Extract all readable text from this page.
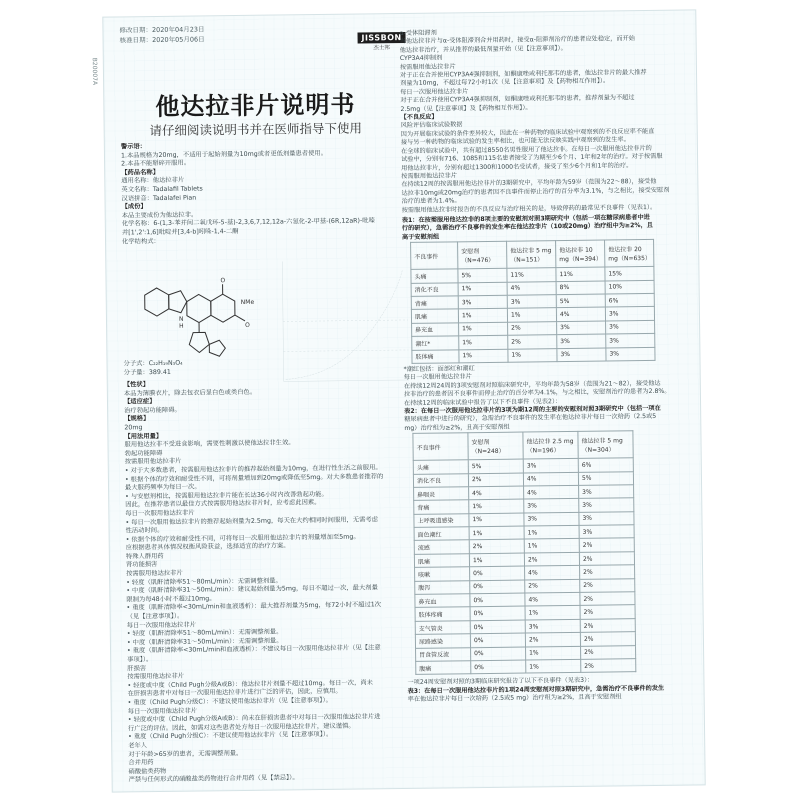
B20007A
修改日期：2020年04月23日
核准日期：2020年05月06日	JISSBON
杰士邦
他达拉非片说明书
请仔细阅读说明书并在医师指导下使用
警示语：
1.本品规格为20mg，不适用于起始剂量为10mg或者更低剂量患者使用。
2.本品不能掰碎开服用。
【药品名称】
通用名称：他达拉非片
英文名称：Tadalafil Tablets
汉语拼音：Tadalafei Pian
【成份】
本品主要成份为他达拉非。
化学名称：6-(1,3-苯并间二氧戊环-5-基)-2,3,6,7,12,12a-六氢化-2-甲基-(6R,12aR)-吡嗪
并[1',2':1,6]吡啶并[3,4-b]吲哚-1,4-二酮
化学结构式：
NMe
O
O
N
H
分子式：C₂₂H₁₉N₃O₄
分子量：389.41
【性状】
本品为薄膜衣片，除去包衣后显白色或类白色。
【适应症】
治疗勃起功能障碍。
【规格】
20mg
【用法用量】
服用他达拉非不受进食影响，需要性刺激以使他达拉非生效。
勃起功能障碍
按需服用他达拉非片
• 对于大多数患者，按需服用他达拉非片的推荐起始剂量为10mg，在进行性生活之前服用。
• 根据个体的疗效和耐受性不同，可将剂量增加到20mg或降低至5mg。对大多数患者推荐的
最大服药频率为每日一次。
• 与安慰剂相比，按需服用他达拉非片能在长达36小时内改善勃起功能。
因此，在推荐患者以最佳方式按需服用他达拉非片时，应考虑此因素。
每日一次服用他达拉非片
• 每日一次服用他达拉非片的推荐起始剂量为2.5mg，每天在大约相同时间服用，无需考虑
性活动时间。
• 依据个体的疗效和耐受性不同，可将每日一次服用他达拉非片的剂量增加至5mg。
应根据患者具体情况权衡风险获益，选择适宜的治疗方案。
特殊人群用药
肾功能损害
按需服用他达拉非片
• 轻度（肌酐清除率51～80mL/min）：无需调整剂量。
• 中度（肌酐清除率31～50mL/min）：建议起始剂量为5mg，每日不超过一次，最大剂量
限制为每48小时不超过10mg。
• 重度（肌酐清除率<30mL/min和血液透析）：最大推荐剂量为5mg，每72小时不超过1次
（见【注意事项】）。
每日一次服用他达拉非片
• 轻度（肌酐清除率51～80mL/min）：无需调整剂量。
• 中度（肌酐清除率31～50mL/min）：无需调整剂量。
• 重度（肌酐清除率<30mL/min和血液透析）：不建议每日一次服用他达拉非片（见【注意
事项】）。
肝损害
按需服用他达拉非片
• 轻度或中度（Child Pugh分级A或B）：他达拉非片剂量不超过10mg。每日一次，尚未
在肝损害患者中对每日一次服用他达拉非片进行广泛的评估，因此，应慎用。
• 重度（Child Pugh分级C）：不建议使用他达拉非片（见【注意事项】）。
每日一次服用他达拉非片
• 轻度或中度（Child Pugh分级A或B）：尚未在肝损害患者中对每日一次服用他达拉非片进
行广泛的评估。因此，如需对这些患者处方每日一次服用他达拉非片，建议谨慎。
• 重度（Child Pugh分级C）：不建议使用他达拉非片（见【注意事项】）。
老年人
对于年龄>65岁的患者，无需调整剂量。
合并用药
硝酸盐类药物
严禁与任何形式的硝酸盐类药物进行合并用药（见【禁忌】）。
α-受体阻滞剂
当他达拉非片与α-受体阻滞剂合并用药时，接受α-阻滞剂治疗的患者应处稳定，而开始
他达拉非治疗，并从推荐的最低剂量开始（见【注意事项】）。
CYP3A4抑制剂
按需服用他达拉非片
对于正在合并使用CYP3A4强抑制剂，如酮康唑或利托那韦的患者，他达拉非片的最大推荐
剂量为10mg，不超过每72小时1次（见【注意事项】及【药物相互作用】）。
每日一次服用他达拉非片
对于正在合并使用CYP3A4强抑制剂，如酮康唑或利托那韦的患者，推荐剂量为不超过
2.5mg（见【注意事项】及【药物相互作用】）。
【不良反应】
风险评估临床试验数据
因为开展临床试验的条件差异较大，因此在一种药物的临床试验中观察到的不良反应率不能直
接与另一种药物的临床试验的发生率相比，也可能无法反映实践中观察到的发生率。
在全球的临床试验中，共有超过8550名男性服用了他达拉非。在每日一次服用他达拉非片的
试验中，分别有716、1085和115名患者接受了为期至少6个月、1年和2年的治疗。对于按需服
用他达拉非片，分别有超过1300和1000名受试者，接受了至少6个月和1年的治疗。
按需服用他达拉非片
在持续12周的按需服用他达拉非片的3期研究中，平均年龄为59岁（范围为22～88），接受他
达拉非10mg或20mg治疗的患者因不良事件而停止治疗的百分率为3.1%，与之相比，接受安慰剂
治疗的患者为1.4%。
按需服用他达拉非时报告的不良反应与治疗相关的是，导致停药的最常见不良事件（见表1）。
表1：在按需服用他达拉非的8项主要的安慰剂对照3期研究中（包括一项在糖尿病患者中进
行的研究），急需治疗不良事件的发生率在他达拉非片（10或20mg）治疗组中为≥2%，且
高于安慰剂组
不良事件	安慰剂
（N=476）	他达拉非 5 mg
（N=151）	他达拉非 10
mg（N=394）	他达拉非 20
mg（N=635）
头痛	5%	11%	11%	15%
消化不良	1%	4%	8%	10%
背痛	3%	3%	5%	6%
肌痛	1%	1%	4%	3%
鼻充血	1%	2%	3%	3%
潮红*	1%	2%	3%	3%
肢体痛	1%	1%	3%	3%
*潮红包括：面部红和潮红
每日一次服用他达拉非片
在持续12周24周的3项安慰剂对照临床研究中，平均年龄为58岁（范围为21～82），接受他达
拉非治疗的患者因不良事件而停止治疗的百分率为4.1%，与之相比，安慰剂治疗的患者为2.8%。
在持续12周的临床试验中报告了以下不良事件（见表2）：
表2：在每日一次服用他达拉非片的3项为期12周的主要的安慰剂对照3期研究中（包括一项在
糖尿病患者中进行的研究），急需治疗不良事件的发生率在他达拉非片每日一次给药（2.5或5
mg）治疗组为≥2%，且高于安慰剂组
不良事件	安慰剂
（N=248）	他达拉非 2.5 mg
（N=196）	他达拉非 5 mg
（N=304）
头痛	5%	3%	6%
消化不良	2%	4%	5%
鼻咽炎	4%	4%	3%
背痛	1%	3%	3%
上呼吸道感染	1%	3%	3%
面色潮红	1%	1%	3%
流感	2%	1%	2%
肌痛	1%	2%	2%
咳嗽	0%	4%	2%
腹泻	0%	2%	2%
鼻充血	0%	4%	2%
肢体疼痛	0%	1%	2%
支气管炎	0%	3%	2%
尿路感染	0%	2%	2%
胃食管反流	0%	1%	2%
腹痛	0%	1%	2%
一项24周安慰剂对照的3期临床研究报告了以下不良事件（见表3）：
表3：在每日一次服用他达拉非片的1项24周安慰剂对照3期研究中，急需治疗不良事件的发生
率在他达拉非片每日一次给药（2.5或5 mg）治疗组为≥2%，且高于安慰剂组
